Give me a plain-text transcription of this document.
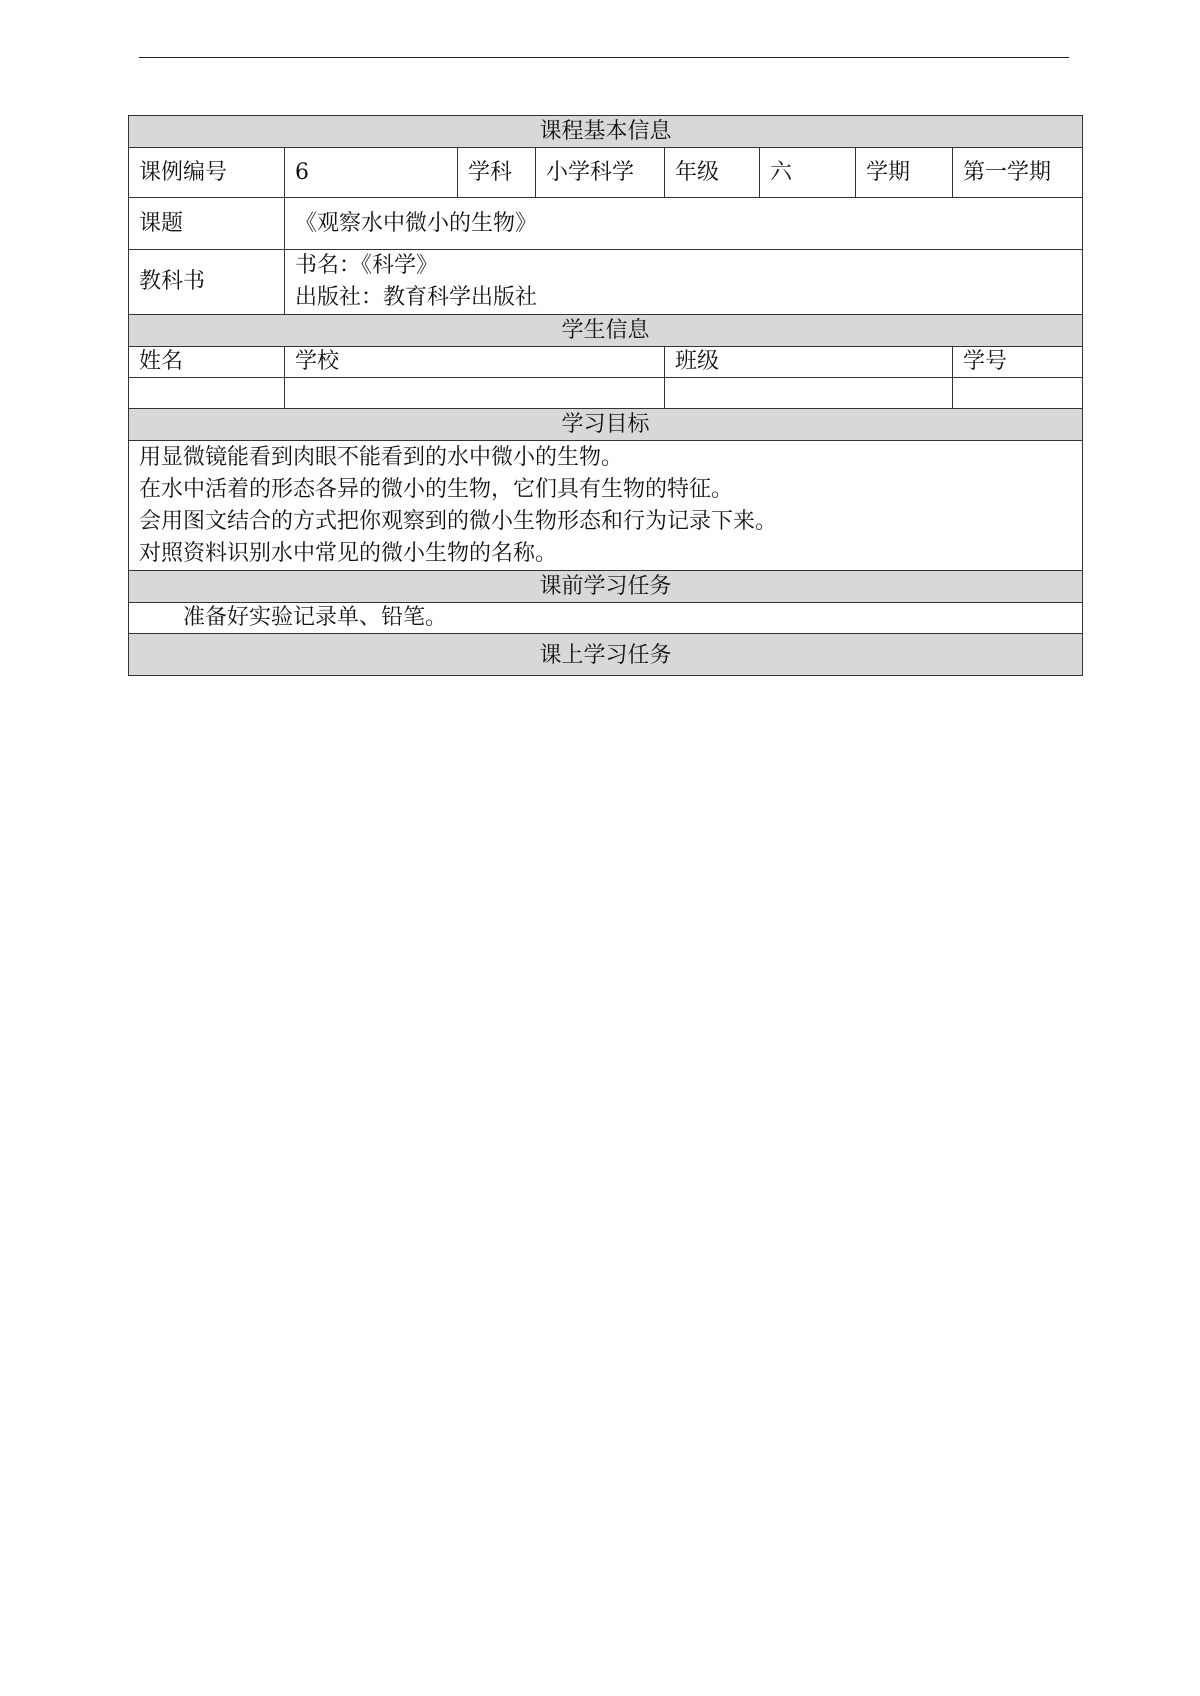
课程基本信息							
课例编号	6	学科	小学科学	年级	六	学期	第一学期
课题	《观察水中微小的生物》						
教科书	书名：《科学》
出版社：教育科学出版社						

学生信息							
姓名	学校			班级			学号

学习目标							

用显微镜能看到肉眼不能看到的水中微小的生物。
在水中活着的形态各异的微小的生物，它们具有生物的特征。
会用图文结合的方式把你观察到的微小生物形态和行为记录下来。
对照资料识别水中常见的微小生物的名称。							

课前学习任务							
准备好实验记录单、铅笔。							
课上学习任务							
